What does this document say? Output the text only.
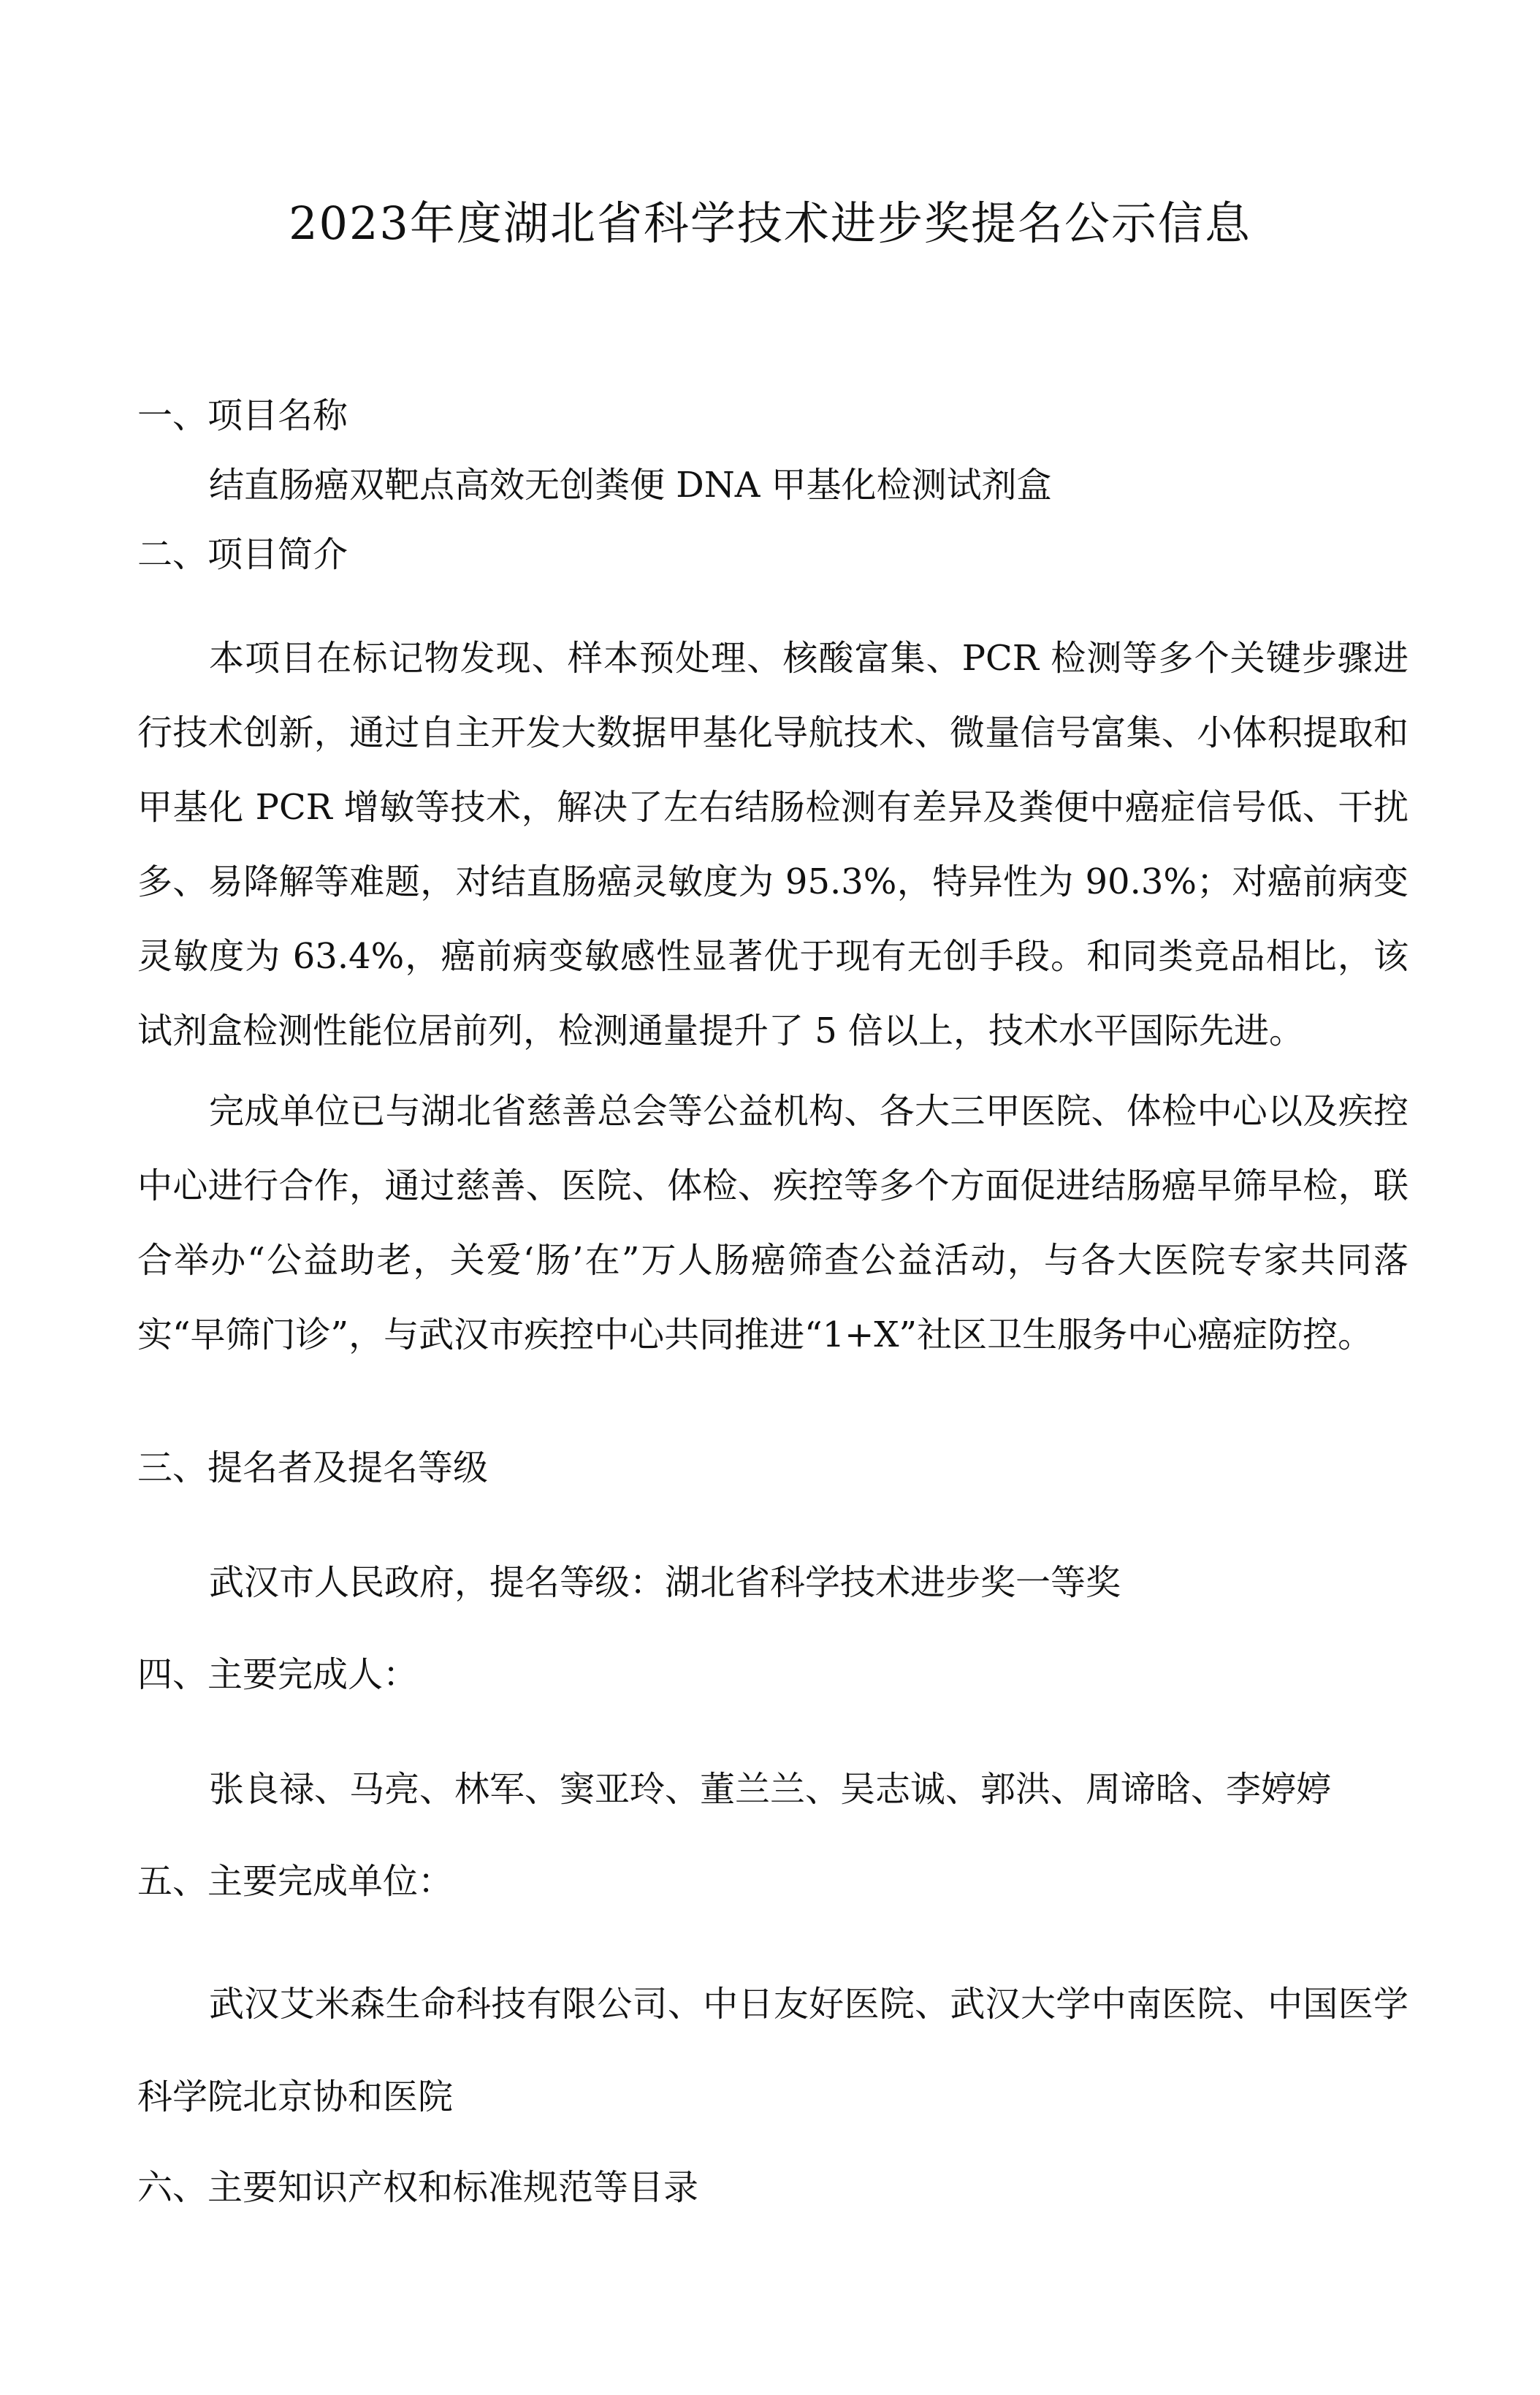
2023年度湖北省科学技术进步奖提名公示信息
一、项目名称
结直肠癌双靶点高效无创粪便 DNA 甲基化检测试剂盒
二、项目简介

本项目在标记物发现、样本预处理、核酸富集、PCR 检测等多个关键步骤进行技术创新，通过自主开发大数据甲基化导航技术、微量信号富集、小体积提取和甲基化 PCR 增敏等技术，解决了左右结肠检测有差异及粪便中癌症信号低、干扰多、易降解等难题，对结直肠癌灵敏度为 95.3%，特异性为 90.3%；对癌前病变灵敏度为 63.4%，癌前病变敏感性显著优于现有无创手段。和同类竞品相比，该试剂盒检测性能位居前列，检测通量提升了 5 倍以上，技术水平国际先进。

完成单位已与湖北省慈善总会等公益机构、各大三甲医院、体检中心以及疾控中心进行合作，通过慈善、医院、体检、疾控等多个方面促进结肠癌早筛早检，联合举办“公益助老，关爱‘肠’在”万人肠癌筛查公益活动，与各大医院专家共同落实“早筛门诊”，与武汉市疾控中心共同推进“1+X”社区卫生服务中心癌症防控。

三、提名者及提名等级
武汉市人民政府，提名等级：湖北省科学技术进步奖一等奖
四、主要完成人：
张良禄、马亮、林军、窦亚玲、董兰兰、吴志诚、郭洪、周谛晗、李婷婷
五、主要完成单位：

武汉艾米森生命科技有限公司、中日友好医院、武汉大学中南医院、中国医学科学院北京协和医院

六、主要知识产权和标准规范等目录
